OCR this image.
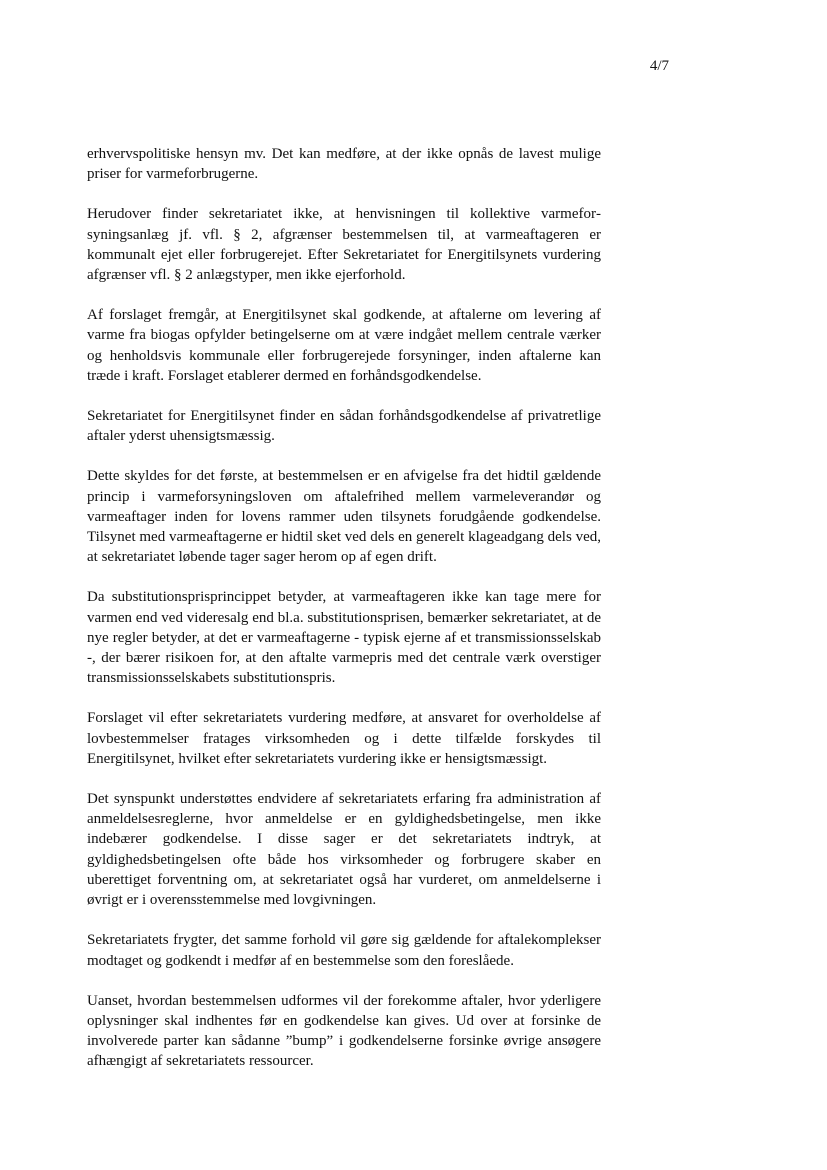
4/7

erhvervspolitiske hensyn mv. Det kan medføre, at der ikke opnås de lavest mulige priser for varmeforbrugerne.

Herudover finder sekretariatet ikke, at henvisningen til kollektive varmeforsyningsanlæg jf. vfl. § 2, afgrænser bestemmelsen til, at varmeaftageren er kommunalt ejet eller forbrugerejet. Efter Sekretariatet for Energitilsynets vurdering afgrænser vfl. § 2 anlægstyper, men ikke ejerforhold.

Af forslaget fremgår, at Energitilsynet skal godkende, at aftalerne om levering af varme fra biogas opfylder betingelserne om at være indgået mellem centrale værker og henholdsvis kommunale eller forbrugerejede forsyninger, inden aftalerne kan træde i kraft. Forslaget etablerer dermed en forhåndsgodkendelse.

Sekretariatet for Energitilsynet finder en sådan forhåndsgodkendelse af privatretlige aftaler yderst uhensigtsmæssig.

Dette skyldes for det første, at bestemmelsen er en afvigelse fra det hidtil gældende princip i varmeforsyningsloven om aftalefrihed mellem varmeleverandør og varmeaftager inden for lovens rammer uden tilsynets forudgående godkendelse. Tilsynet med varmeaftagerne er hidtil sket ved dels en generelt klageadgang dels ved, at sekretariatet løbende tager sager herom op af egen drift.

Da substitutionsprisprincippet betyder, at varmeaftageren ikke kan tage mere for varmen end ved videresalg end bl.a. substitutionsprisen, bemærker sekretariatet, at de nye regler betyder, at det er varmeaftagerne - typisk ejerne af et transmissionsselskab -, der bærer risikoen for, at den aftalte varmepris med det centrale værk overstiger transmissionsselskabets substitutionspris.

Forslaget vil efter sekretariatets vurdering medføre, at ansvaret for overholdelse af lovbestemmelser fratages virksomheden og i dette tilfælde forskydes til Energitilsynet, hvilket efter sekretariatets vurdering ikke er hensigtsmæssigt.

Det synspunkt understøttes endvidere af sekretariatets erfaring fra administration af anmeldelsesreglerne, hvor anmeldelse er en gyldighedsbetingelse, men ikke indebærer godkendelse. I disse sager er det sekretariatets indtryk, at gyldighedsbetingelsen ofte både hos virksomheder og forbrugere skaber en uberettiget forventning om, at sekretariatet også har vurderet, om anmeldelserne i øvrigt er i overensstemmelse med lovgivningen.

Sekretariatets frygter, det samme forhold vil gøre sig gældende for aftalekomplekser modtaget og godkendt i medfør af en bestemmelse som den foreslåede.

Uanset, hvordan bestemmelsen udformes vil der forekomme aftaler, hvor yderligere oplysninger skal indhentes før en godkendelse kan gives. Ud over at forsinke de involverede parter kan sådanne ”bump” i godkendelserne forsinke øvrige ansøgere afhængigt af sekretariatets ressourcer.
